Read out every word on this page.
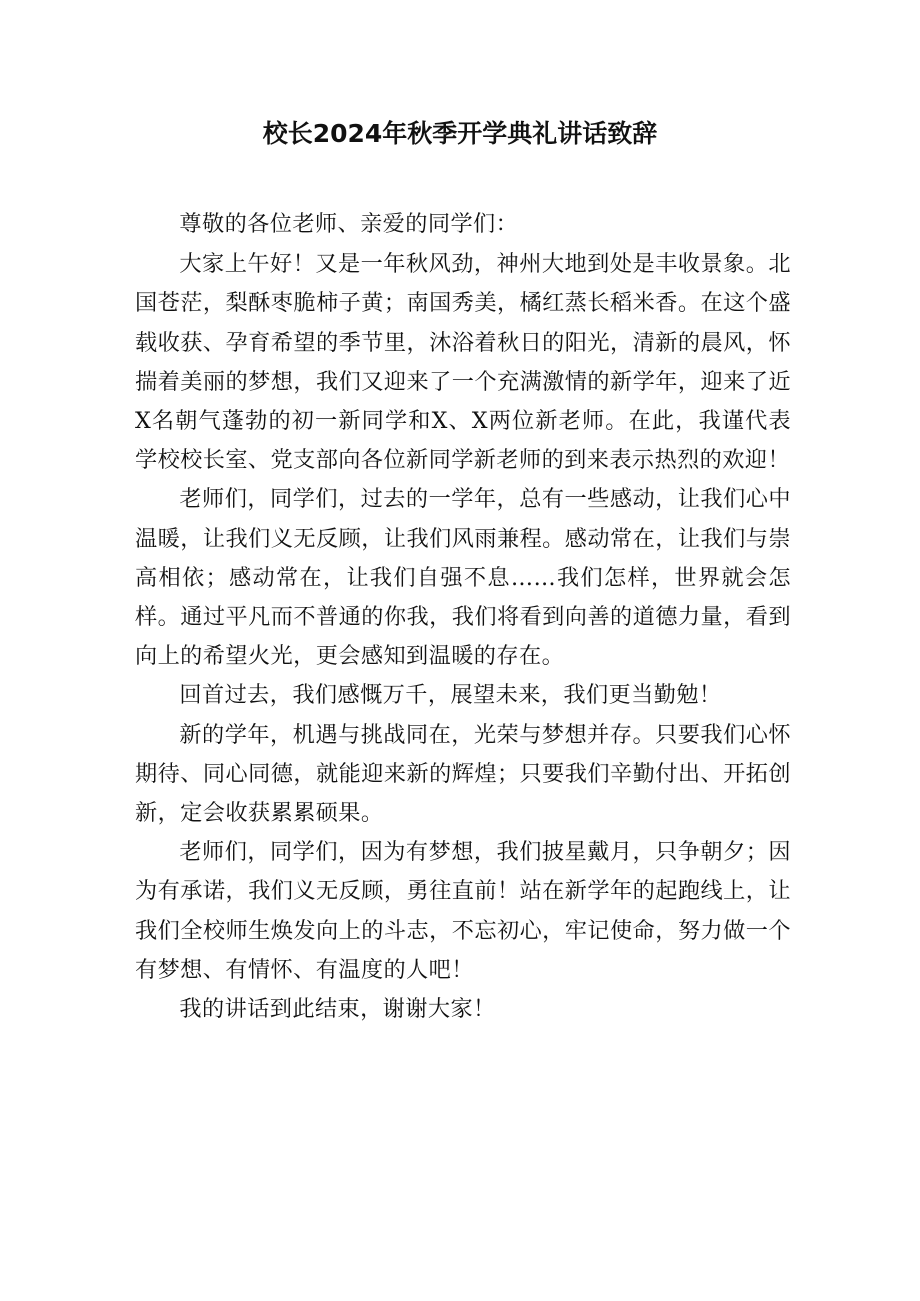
校长2024年秋季开学典礼讲话致辞

尊敬的各位老师、亲爱的同学们：

大家上午好！又是一年秋风劲，神州大地到处是丰收景象。北国苍茫，梨酥枣脆柿子黄；南国秀美，橘红蒸长稻米香。在这个盛载收获、孕育希望的季节里，沐浴着秋日的阳光，清新的晨风，怀揣着美丽的梦想，我们又迎来了一个充满激情的新学年，迎来了近X名朝气蓬勃的初一新同学和X、X两位新老师。在此，我谨代表学校校长室、党支部向各位新同学新老师的到来表示热烈的欢迎！

老师们，同学们，过去的一学年，总有一些感动，让我们心中温暖，让我们义无反顾，让我们风雨兼程。感动常在，让我们与崇高相依；感动常在，让我们自强不息……我们怎样，世界就会怎样。通过平凡而不普通的你我，我们将看到向善的道德力量，看到向上的希望火光，更会感知到温暖的存在。

回首过去，我们感慨万千，展望未来，我们更当勤勉！

新的学年，机遇与挑战同在，光荣与梦想并存。只要我们心怀期待、同心同德，就能迎来新的辉煌；只要我们辛勤付出、开拓创新，定会收获累累硕果。

老师们，同学们，因为有梦想，我们披星戴月，只争朝夕；因为有承诺，我们义无反顾，勇往直前！站在新学年的起跑线上，让我们全校师生焕发向上的斗志，不忘初心，牢记使命，努力做一个有梦想、有情怀、有温度的人吧！

我的讲话到此结束，谢谢大家！
